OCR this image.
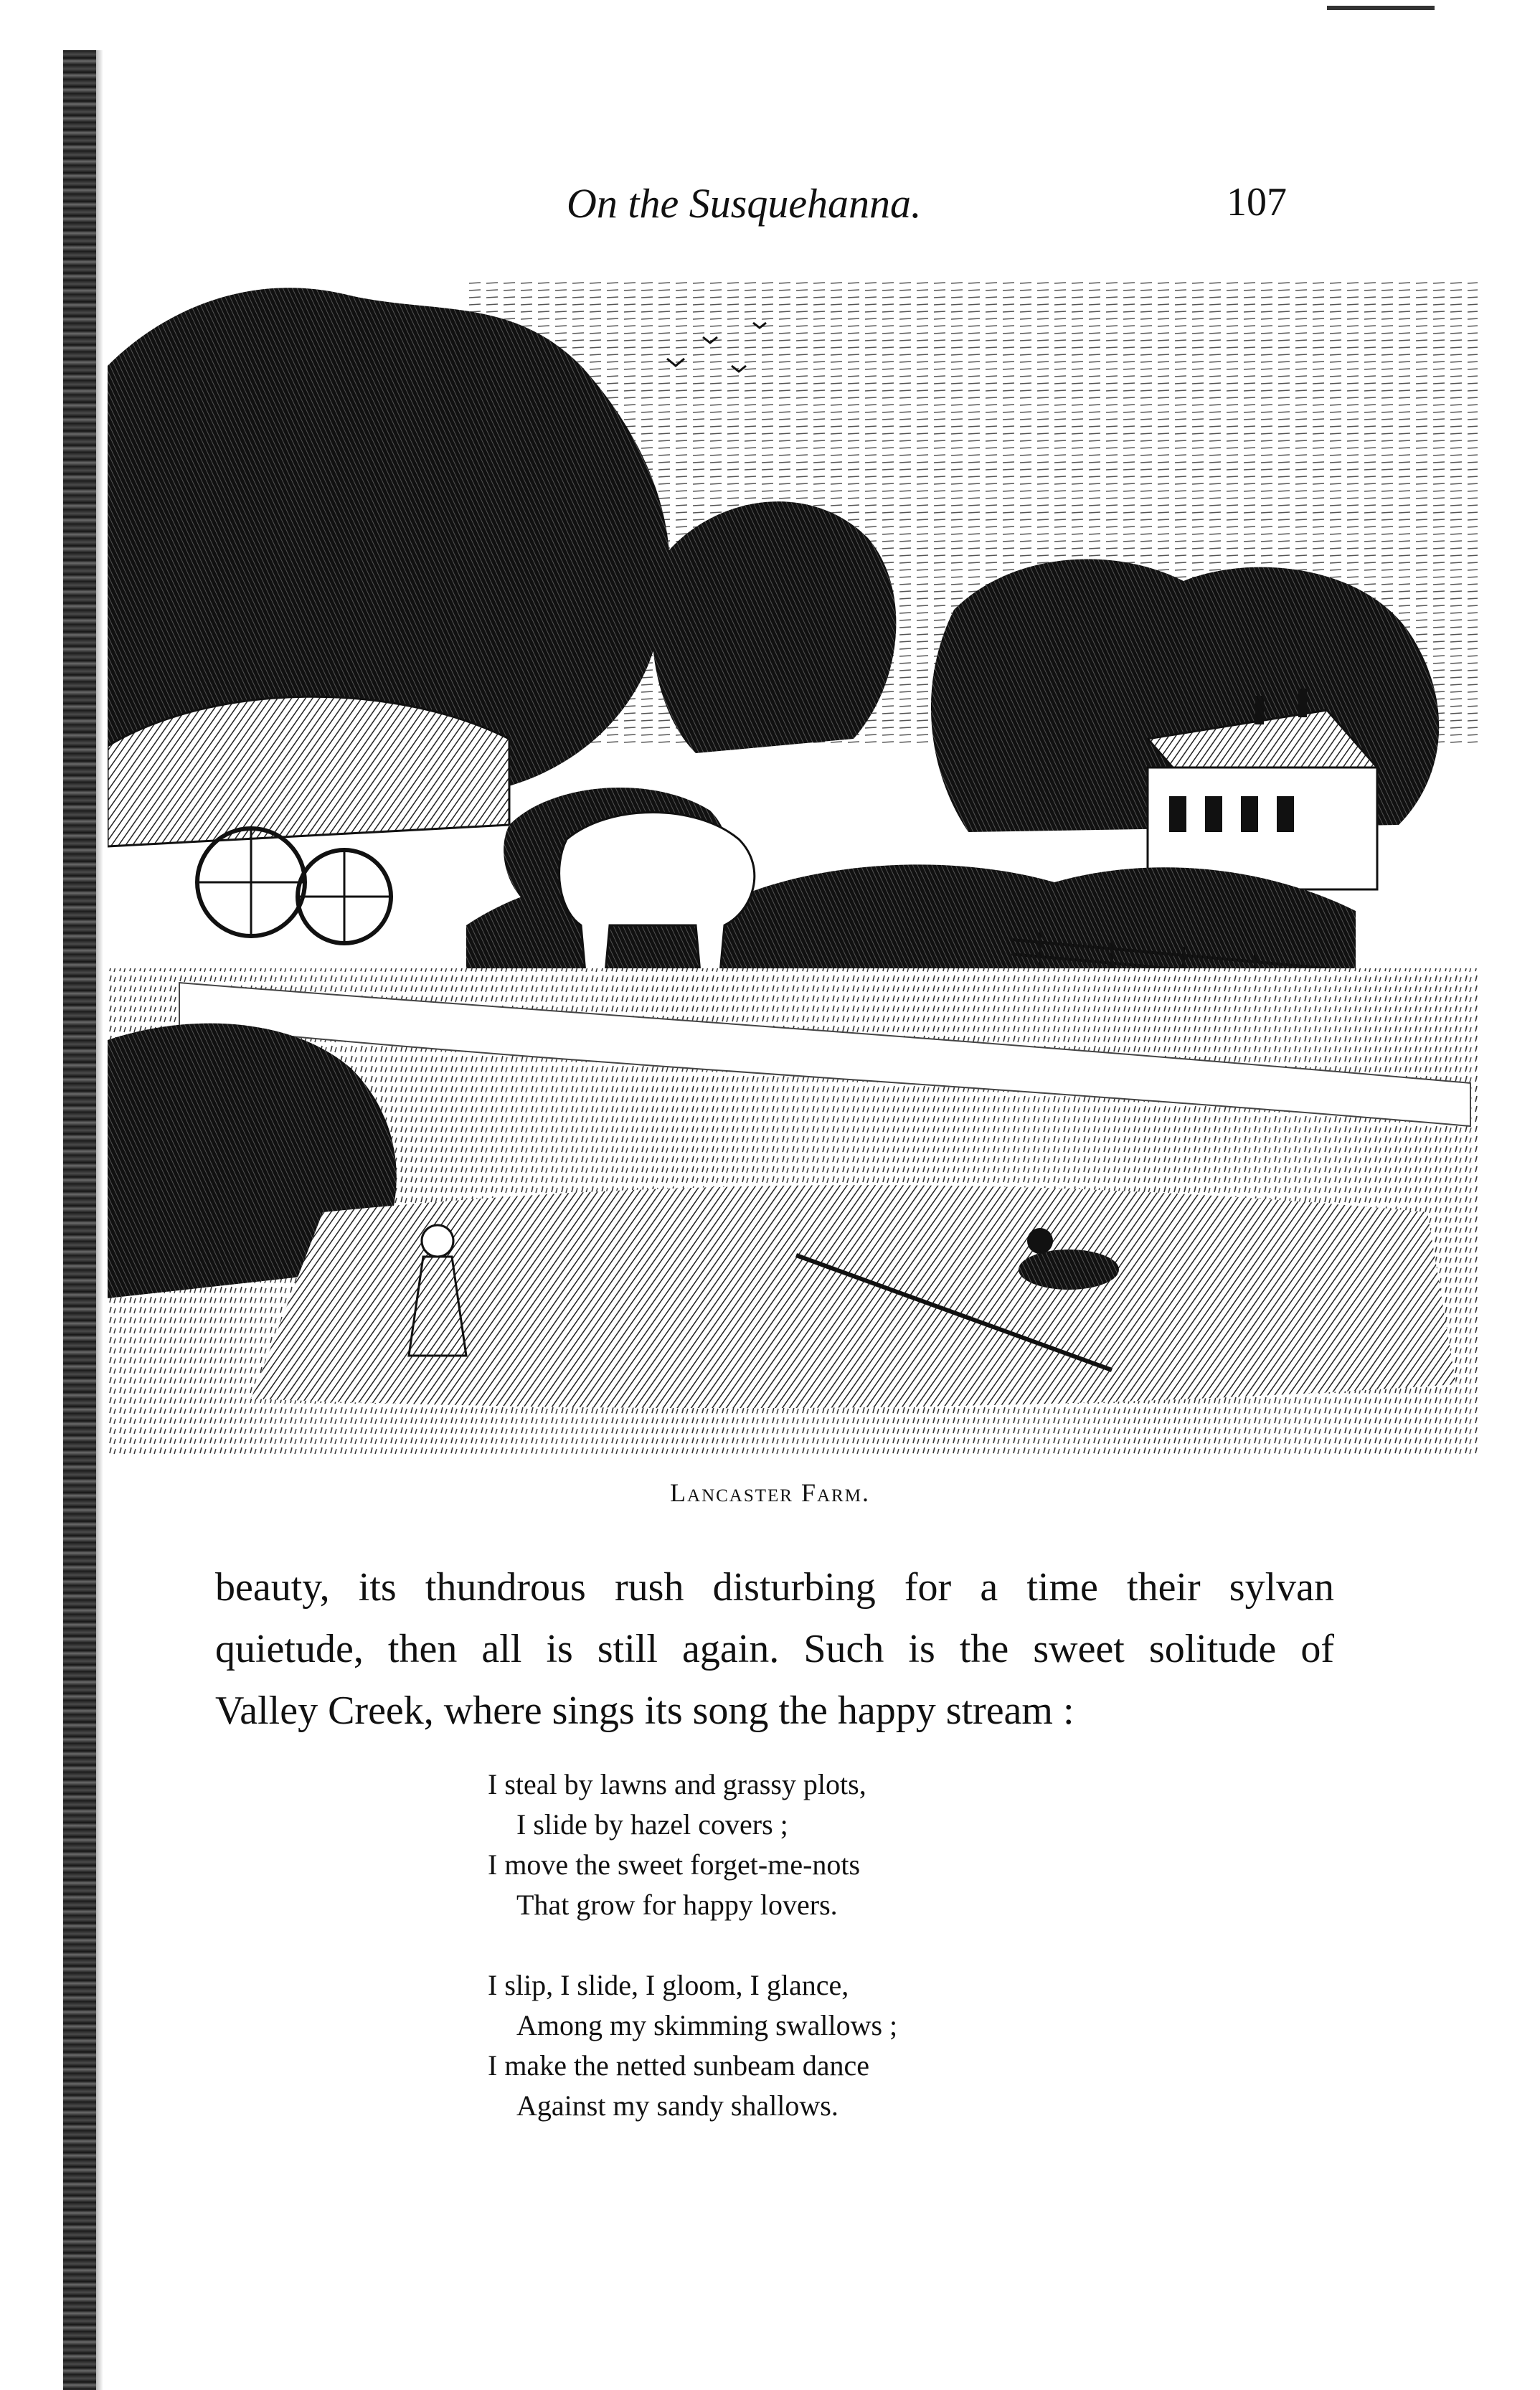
On the Susquehanna.	107
Lancaster Farm.
beauty, its thundrous rush disturbing for a time their sylvan
quietude, then all is still again. Such is the sweet solitude of
Valley Creek, where sings its song the happy stream :
I steal by lawns and grassy plots,
I slide by hazel covers ;
I move the sweet forget-me-nots
That grow for happy lovers.
I slip, I slide, I gloom, I glance,
Among my skimming swallows ;
I make the netted sunbeam dance
Against my sandy shallows.
